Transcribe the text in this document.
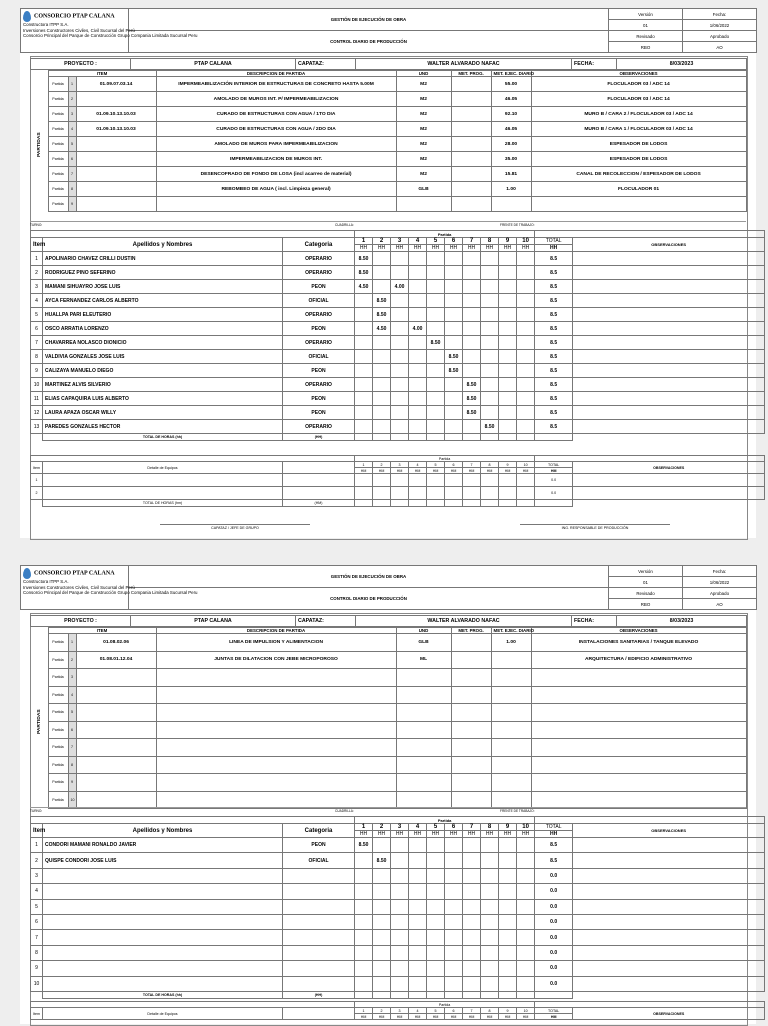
CONSORCIO PTAP CALANA
Constructora ITPP S.A.
Inversiones Constructores Civiles, Civil Sucursal del Perú
Consorcio Principal del Parque de Construcción Grupo Compania Limitada Sucursal Peru	GESTIÓN DE EJECUCIÓN DE OBRA	Versión	Fecha:
		01	1/06/2022
	CONTROL DIARIO DE PRODUCCIÓN	Revisado	Aprobado
		RBO	AO
PROYECTO :	PTAP CALANA	CAPATAZ:	WALTER ALVARADO NAFAC	FECHA:	8/03/2023
	ITEM			DESCRIPCION DE PARTIDA	UND	MET. PROG.	MET. EJEC. DIARIO	OBSERVACIONES
PARTIDAS	Partida	1	01.09.07.03.14	IMPERMEABILIZACIÓN INTERIOR DE ESTRUCTURAS DE CONCRETO HASTA 5.00M	M2		55.00	FLOCULADOR 03 / ADC 14
	Partida	2		AMOLADO DE MUROS INT. P/ IMPERMEABILIZACION	M2		46.05	FLOCULADOR 03 / ADC 14
	Partida	3	01.09.10.13.10.03	CURADO DE ESTRUCTURAS CON AGUA / 1TO DIA	M2		92.10	MURO B / CARA 2 / FLOCULADOR 03 / ADC 14
	Partida	4	01.09.10.13.10.03	CURADO DE ESTRUCTURAS CON AGUA / 2DO DIA	M2		46.05	MURO B / CARA 1 / FLOCULADOR 03 / ADC 14
	Partida	5		AMOLADO DE MUROS PARA IMPERMEABILIZACION	M2		28.00	ESPESADOR DE LODOS
	Partida	6		IMPERMEABILIZACION DE MUROS INT.	M2		35.00	ESPESADOR DE LODOS
	Partida	7		DESENCOFRADO DE FONDO DE LOSA (incl acarreo de material)	M2		15.81	CANAL DE RECOLECCION / ESPESADOR DE LODOS
	Partida	8		REBOMBEO DE AGUA ( incl. Limpieza general)	GLB		1.00	FLOCULADOR 01
	Partida	9						
TURNO:	CUADRILLA:	FRENTE DE TRABAJO:
			Partida											
Item	Apellidos y Nombres	Categoria	1	2	3	4	5	6	7	8	9	10	TOTAL	OBSERVACIONES
			HH	HH	HH	HH	HH	HH	HH	HH	HH	HH	HH	
1	APOLINARIO CHAVEZ CRILLI DUSTIN	OPERARIO	8.50										8.5	
2	RODRIGUEZ PINO SEFERINO	OPERARIO	8.50										8.5	
3	MAMANI SIHUAYRO JOSE LUIS	PEON	4.50		4.00								8.5	
4	AYCA FERNANDEZ CARLOS ALBERTO	OFICIAL		8.50									8.5	
5	HUALLPA PARI ELEUTERIO	OPERARIO		8.50									8.5	
6	OSCO ARRATIA LORENZO	PEON		4.50		4.00							8.5	
7	CHAVARREA NOLASCO DIONICIO	OPERARIO					8.50						8.5	
8	VALDIVIA GONZALES JOSE LUIS	OFICIAL						8.50					8.5	
9	CALIZAYA MANUELO DIEGO	PEON						8.50					8.5	
10	MARTINEZ ALVIS SILVERIO	OPERARIO							8.50				8.5	
11	ELIAS CAPAQUIRA LUIS ALBERTO	PEON							8.50				8.5	
12	LAURA APAZA OSCAR WILLY	PEON							8.50				8.5	
13	PAREDES GONZALES HECTOR	OPERARIO								8.50			8.5	
	TOTAL DE HORAS (hh)	(HH)												
			Partida											
Item	Detalle de Equipos		1	2	3	4	5	6	7	8	9	10	TOTAL	OBSERVACIONES
			HM	HM	HM	HM	HM	HM	HM	HM	HM	HM	HM	
1													0.0	
2													0.0	
	TOTAL DE HORAS (hm)	(HM)												
CAPATAZ / JEFE DE GRUPO	ING. RESPONSABLE DE PRODUCCIÓN
CONSORCIO PTAP CALANA
Constructora ITPP S.A.
Inversiones Constructores Civiles, Civil Sucursal del Perú
Consorcio Principal del Parque de Construcción Grupo Compania Limitada Sucursal Peru	GESTIÓN DE EJECUCIÓN DE OBRA	Versión	Fecha:
		01	1/06/2022
	CONTROL DIARIO DE PRODUCCIÓN	Revisado	Aprobado
		RBO	AO
PROYECTO :	PTAP CALANA	CAPATAZ:	WALTER ALVARADO NAFAC	FECHA:	8/03/2023
	ITEM			DESCRIPCION DE PARTIDA	UND	MET. PROG.	MET. EJEC. DIARIO	OBSERVACIONES
PARTIDAS	Partida	1	01.08.02.06	LINEA DE IMPULSION Y ALIMENTACION	GLB		1.00	INSTALACIONES SANITARIAS / TANQUE ELEVADO
	Partida	2	01.08.01.12.04	JUNTAS DE DILATACION CON JEBE MICROPOROSO	ML			ARQUITECTURA / EDIFICIO ADMINISTRATIVO
	Partida	3						
	Partida	4						
	Partida	5						
	Partida	6						
	Partida	7						
	Partida	8						
	Partida	9						
	Partida	10						
TURNO:	CUADRILLA:	FRENTE DE TRABAJO:
			Partida											
Item	Apellidos y Nombres	Categoria	1	2	3	4	5	6	7	8	9	10	TOTAL	OBSERVACIONES
			HH	HH	HH	HH	HH	HH	HH	HH	HH	HH	HH	
1	CONDORI MAMANI RONALDO JAVIER	PEON	8.50										8.5	
2	QUISPE CONDORI JOSE LUIS	OFICIAL		8.50									8.5	
3													0.0	
4													0.0	
5													0.0	
6													0.0	
7													0.0	
8													0.0	
9													0.0	
10													0.0	
	TOTAL DE HORAS (hh)	(HH)												
			Partida											
Item	Detalle de Equipos		1	2	3	4	5	6	7	8	9	10	TOTAL	OBSERVACIONES
			HM	HM	HM	HM	HM	HM	HM	HM	HM	HM	HM	
